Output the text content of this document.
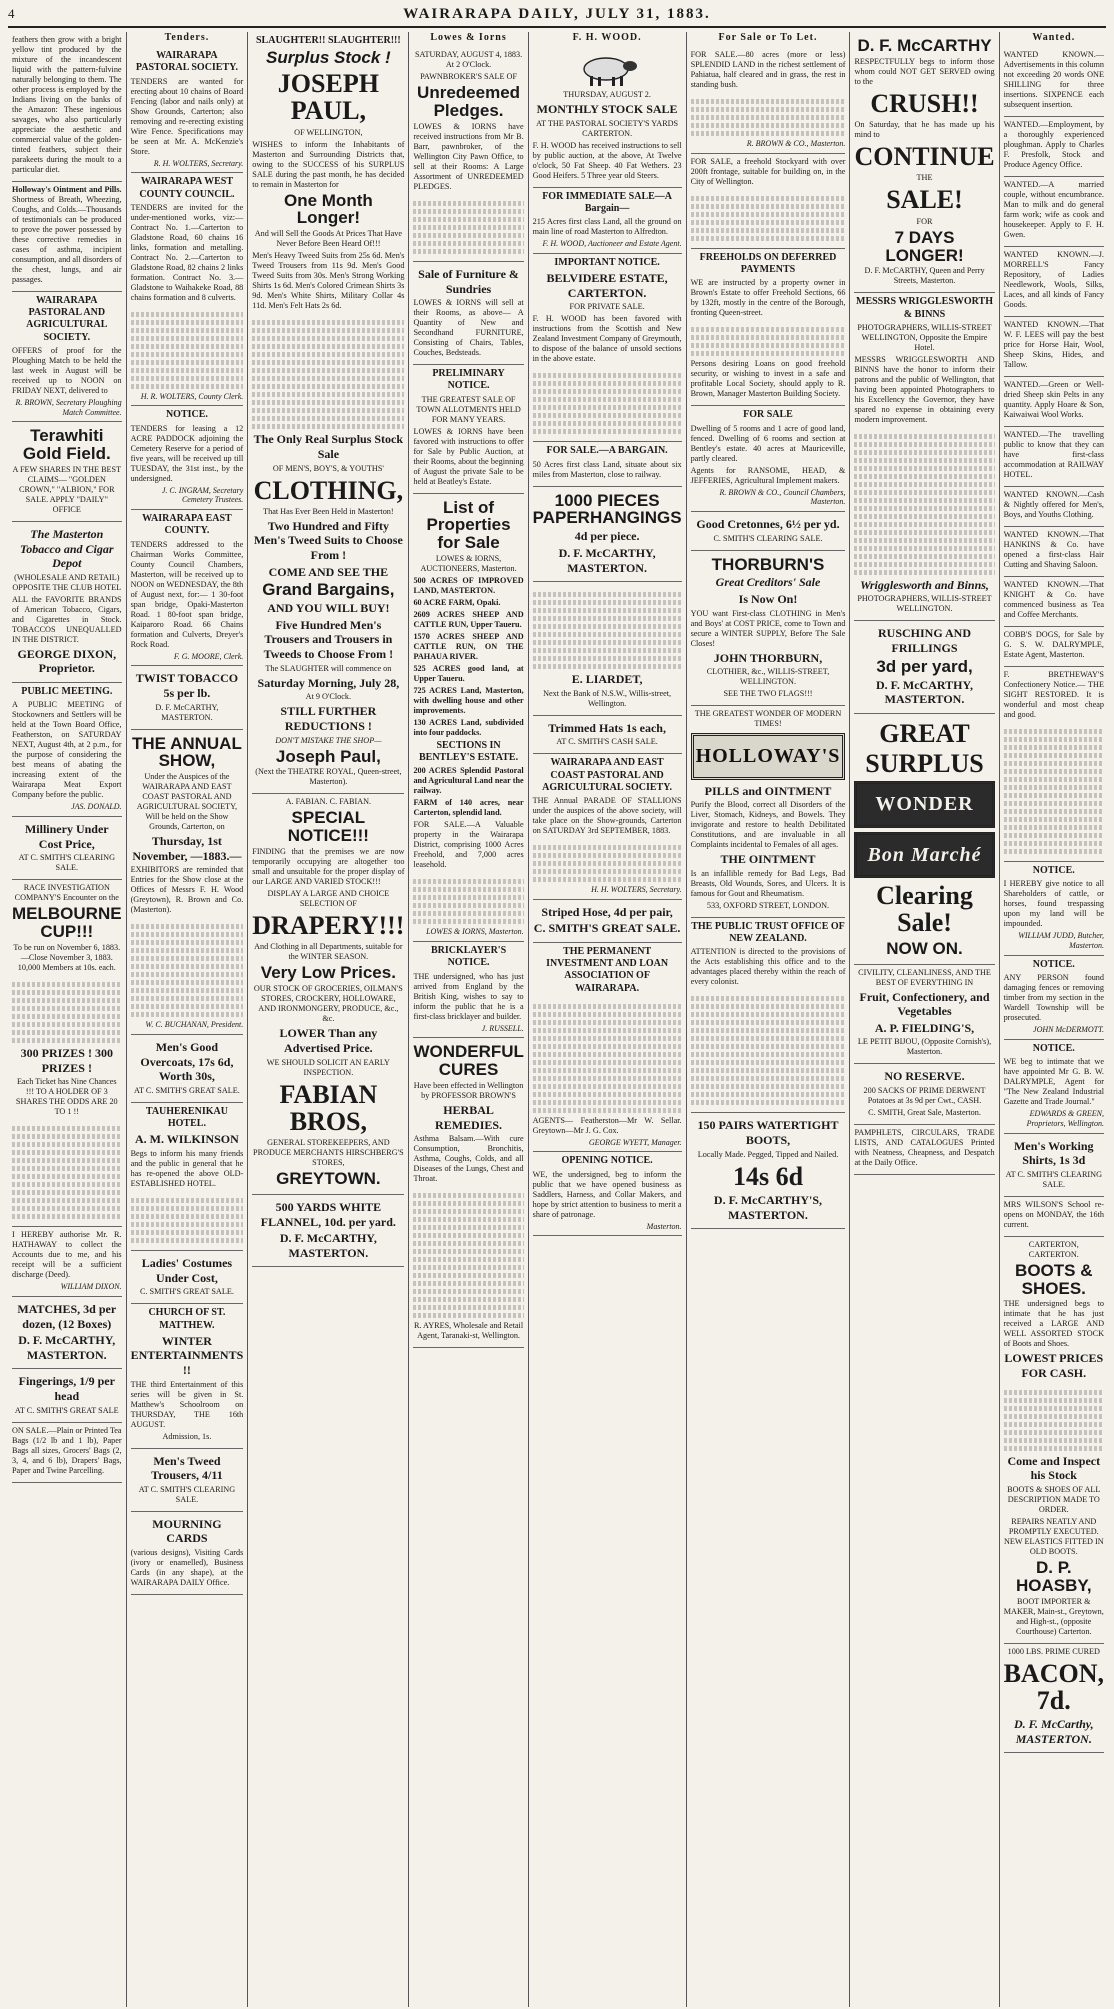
4	WAIRARAPA DAILY, JULY 31, 1883.

feathers then grow with a bright yellow tint produced by the mixture of the incandescent liquid with the pattern-fulvine naturally belonging to them. The other process is employed by the Indians living on the banks of the Amazon: These ingenious savages, who also particularly appreciate the aesthetic and commercial value of the golden-tinted feathers, subject their parakeets during the moult to a particular diet.

Holloway's Ointment and Pills. Shortness of Breath, Wheezing, Coughs, and Colds.—Thousands of testimonials can be produced to prove the power possessed by these corrective remedies in cases of asthma, incipient consumption, and all disorders of the chest, lungs, and air passages.

WAIRARAPA PASTORAL AND AGRICULTURAL SOCIETY.

OFFERS of proof for the Ploughing Match to be held the last week in August will be received up to NOON on FRIDAY NEXT, delivered to

R. BROWN, Secretary Ploughing Match Committee.
Terawhiti Gold Field.

A FEW SHARES IN THE BEST CLAIMS— "GOLDEN CROWN," "ALBION," FOR SALE. APPLY "DAILY" OFFICE

The Masterton Tobacco and Cigar Depot

(WHOLESALE AND RETAIL) OPPOSITE THE CLUB HOTEL

ALL the FAVORITE BRANDS of American Tobacco, Cigars, and Cigarettes in Stock. TOBACCOS UNEQUALLED IN THE DISTRICT.

GEORGE DIXON, Proprietor.
PUBLIC MEETING.

A PUBLIC MEETING of Stockowners and Settlers will be held at the Town Board Office, Featherston, on SATURDAY NEXT, August 4th, at 2 p.m., for the purpose of considering the best means of abating the increasing extent of the Wairarapa Meat Export Company before the public.

JAS. DONALD.
Millinery Under Cost Price,

AT C. SMITH'S CLEARING SALE.

RACE INVESTIGATION COMPANY'S Encounter on the

MELBOURNE CUP!!!

To be run on November 6, 1883.—Close November 3, 1883. 10,000 Members at 10s. each.

300 PRIZES ! 300 PRIZES !

Each Ticket has Nine Chances !!! TO A HOLDER OF 3 SHARES THE ODDS ARE 20 TO 1 !!

I HEREBY authorise Mr. R. HATHAWAY to collect the Accounts due to me, and his receipt will be a sufficient discharge (Deed).

WILLIAM DIXON.
MATCHES, 3d per dozen, (12 Boxes)
D. F. McCARTHY, MASTERTON.
Fingerings, 1/9 per head

AT C. SMITH'S GREAT SALE

ON SALE.—Plain or Printed Tea Bags (1/2 lb and 1 lb), Paper Bags all sizes, Grocers' Bags (2, 3, 4, and 6 lb), Drapers' Bags, Paper and Twine Parcelling.

Tenders.
WAIRARAPA PASTORAL SOCIETY.

TENDERS are wanted for erecting about 10 chains of Board Fencing (labor and nails only) at Show Grounds, Carterton; also removing and re-erecting existing Wire Fence. Specifications may be seen at Mr. A. McKenzie's Store.

R. H. WOLTERS, Secretary.
WAIRARAPA WEST COUNTY COUNCIL.

TENDERS are invited for the under-mentioned works, viz:— Contract No. 1.—Carterton to Gladstone Road, 60 chains 16 links, formation and metalling. Contract No. 2.—Carterton to Gladstone Road, 82 chains 2 links formation. Contract No. 3.—Gladstone to Waihakeke Road, 88 chains formation and 8 culverts.

H. R. WOLTERS, County Clerk.
NOTICE.

TENDERS for leasing a 12 ACRE PADDOCK adjoining the Cemetery Reserve for a period of five years, will be received up till TUESDAY, the 31st inst., by the undersigned.

J. C. INGRAM, Secretary Cemetery Trustees.
WAIRARAPA EAST COUNTY.

TENDERS addressed to the Chairman Works Committee, County Council Chambers, Masterton, will be received up to NOON on WEDNESDAY, the 8th of August next, for:— 1 30-foot span bridge, Opaki-Masterton Road. 1 80-foot span bridge, Kaiparoro Road. 66 Chains formation and Culverts, Dreyer's Rock Road.

F. G. MOORE, Clerk.
TWIST TOBACCO 5s per lb.

D. F. McCARTHY, MASTERTON.

THE ANNUAL SHOW,

Under the Auspices of the WAIRARAPA AND EAST COAST PASTORAL AND AGRICULTURAL SOCIETY, Will be held on the Show Grounds, Carterton, on

Thursday, 1st November, —1883.—

EXHIBITORS are reminded that Entries for the Show close at the Offices of Messrs F. H. Wood (Greytown), R. Brown and Co. (Masterton).

W. C. BUCHANAN, President.
Men's Good Overcoats, 17s 6d, Worth 30s,

AT C. SMITH'S GREAT SALE.

TAUHERENIKAU HOTEL.
A. M. WILKINSON

Begs to inform his many friends and the public in general that he has re-opened the above OLD-ESTABLISHED HOTEL.

Ladies' Costumes Under Cost,

C. SMITH'S GREAT SALE.

CHURCH OF ST. MATTHEW.
WINTER ENTERTAINMENTS !!

THE third Entertainment of this series will be given in St. Matthew's Schoolroom on THURSDAY, THE 16th AUGUST.

Admission, 1s.

Men's Tweed Trousers, 4/11

AT C. SMITH'S CLEARING SALE.

MOURNING CARDS

(various designs), Visiting Cards (ivory or enamelled), Business Cards (in any shape), at the WAIRARAPA DAILY Office.

SLAUGHTER!! SLAUGHTER!!!
Surplus Stock !
JOSEPH PAUL,

OF WELLINGTON,

WISHES to inform the Inhabitants of Masterton and Surrounding Districts that, owing to the SUCCESS of his SURPLUS SALE during the past month, he has decided to remain in Masterton for

One Month Longer!

And will Sell the Goods At Prices That Have Never Before Been Heard Of!!!

Men's Heavy Tweed Suits from 25s 6d. Men's Tweed Trousers from 11s 9d. Men's Good Tweed Suits from 30s. Men's Strong Working Shirts 1s 6d. Men's Colored Crimean Shirts 3s 9d. Men's White Shirts, Military Collar 4s 11d. Men's Felt Hats 2s 6d.

The Only Real Surplus Stock Sale

OF MEN'S, BOY'S, & YOUTHS'

CLOTHING,

That Has Ever Been Held in Masterton!

Two Hundred and Fifty Men's Tweed Suits to Choose From !
COME AND SEE THE
Grand Bargains,
AND YOU WILL BUY!
Five Hundred Men's Trousers and Trousers in Tweeds to Choose From !

The SLAUGHTER will commence on

Saturday Morning, July 28,

At 9 O'Clock.

STILL FURTHER REDUCTIONS !

DON'T MISTAKE THE SHOP—

Joseph Paul,

(Next the THEATRE ROYAL, Queen-street, Masterton).

A. FABIAN. C. FABIAN.

SPECIAL NOTICE!!!

FINDING that the premises we are now temporarily occupying are altogether too small and unsuitable for the proper display of our LARGE AND VARIED STOCK!!!

DISPLAY A LARGE AND CHOICE SELECTION OF

DRAPERY!!!

And Clothing in all Departments, suitable for the WINTER SEASON.

Very Low Prices.

OUR STOCK OF GROCERIES, OILMAN'S STORES, CROCKERY, HOLLOWARE, AND IRONMONGERY, PRODUCE, &c., &c.

LOWER Than any Advertised Price.

WE SHOULD SOLICIT AN EARLY INSPECTION.

FABIAN BROS,

GENERAL STOREKEEPERS, AND PRODUCE MERCHANTS HIRSCHBERG'S STORES,

GREYTOWN.
500 YARDS WHITE FLANNEL, 10d. per yard.
D. F. McCARTHY, MASTERTON.
Lowes & Iorns

SATURDAY, AUGUST 4, 1883. At 2 O'Clock.

PAWNBROKER'S SALE OF

Unredeemed Pledges.

LOWES & IORNS have received instructions from Mr B. Barr, pawnbroker, of the Wellington City Pawn Office, to sell at their Rooms: A Large Assortment of UNREDEEMED PLEDGES.

Sale of Furniture & Sundries

LOWES & IORNS will sell at their Rooms, as above— A Quantity of New and Secondhand FURNITURE, Consisting of Chairs, Tables, Couches, Bedsteads.

PRELIMINARY NOTICE.

THE GREATEST SALE OF TOWN ALLOTMENTS HELD FOR MANY YEARS.

LOWES & IORNS have been favored with instructions to offer for Sale by Public Auction, at their Rooms, about the beginning of August the private Sale to be held at Beatley's Estate.

List of Properties for Sale

LOWES & IORNS, AUCTIONEERS, Masterton.

500 ACRES OF IMPROVED LAND, MASTERTON.

60 ACRE FARM, Opaki.

2609 ACRES SHEEP AND CATTLE RUN, Upper Taueru.

1570 ACRES SHEEP AND CATTLE RUN, ON THE PAHAUA RIVER.

525 ACRES good land, at Upper Taueru.

725 ACRES Land, Masterton, with dwelling house and other improvements.

130 ACRES Land, subdivided into four paddocks.

SECTIONS IN BENTLEY'S ESTATE.

200 ACRES Splendid Pastoral and Agricultural Land near the railway.

FARM of 140 acres, near Carterton, splendid land.

FOR SALE.—A Valuable property in the Wairarapa District, comprising 1000 Acres Freehold, and 7,000 acres leasehold.

LOWES & IORNS, Masterton.
BRICKLAYER'S NOTICE.

THE undersigned, who has just arrived from England by the British King, wishes to say to inform the public that he is a first-class bricklayer and builder.

J. RUSSELL.
WONDERFUL CURES

Have been effected in Wellington by PROFESSOR BROWN'S

HERBAL REMEDIES.

Asthma Balsam.—With cure Consumption, Bronchitis, Asthma, Coughs, Colds, and all Diseases of the Lungs, Chest and Throat.

R. AYRES, Wholesale and Retail Agent, Taranaki-st, Wellington.

F. H. WOOD.

THURSDAY, AUGUST 2.

MONTHLY STOCK SALE

AT THE PASTORAL SOCIETY'S YARDS CARTERTON.

F. H. WOOD has received instructions to sell by public auction, at the above, At Twelve o'clock, 50 Fat Sheep. 40 Fat Wethers. 23 Good Heifers. 5 Three year old Steers.

FOR IMMEDIATE SALE—A Bargain—

215 Acres first class Land, all the ground on main line of road Masterton to Alfredton.

F. H. WOOD, Auctioneer and Estate Agent.
IMPORTANT NOTICE.
BELVIDERE ESTATE, CARTERTON.

FOR PRIVATE SALE.

F. H. WOOD has been favored with instructions from the Scottish and New Zealand Investment Company of Greymouth, to dispose of the balance of unsold sections in the above estate.

FOR SALE.—A BARGAIN.

50 Acres first class Land, situate about six miles from Masterton, close to railway.

1000 PIECES PAPERHANGINGS
4d per piece.
D. F. McCARTHY, MASTERTON.
E. LIARDET,

Next the Bank of N.S.W., Willis-street, Wellington.

Trimmed Hats 1s each,

AT C. SMITH'S CASH SALE.

WAIRARAPA AND EAST COAST PASTORAL AND AGRICULTURAL SOCIETY.

THE Annual PARADE OF STALLIONS under the auspices of the above society, will take place on the Show-grounds, Carterton on SATURDAY 3rd SEPTEMBER, 1883.

H. H. WOLTERS, Secretary.
Striped Hose, 4d per pair,
C. SMITH'S GREAT SALE.
THE PERMANENT INVESTMENT AND LOAN ASSOCIATION OF WAIRARAPA.

AGENTS— Featherston—Mr W. Sellar. Greytown—Mr J. G. Cox.

GEORGE WYETT, Manager.
OPENING NOTICE.

WE, the undersigned, beg to inform the public that we have opened business as Saddlers, Harness, and Collar Makers, and hope by strict attention to business to merit a share of patronage.

Masterton.
For Sale or To Let.

FOR SALE.—80 acres (more or less) SPLENDID LAND in the richest settlement of Pahiatua, half cleared and in grass, the rest in standing bush.

R. BROWN & CO., Masterton.

FOR SALE, a freehold Stockyard with over 200ft frontage, suitable for building on, in the City of Wellington.

FREEHOLDS ON DEFERRED PAYMENTS

WE are instructed by a property owner in Brown's Estate to offer Freehold Sections, 66 by 132ft, mostly in the centre of the Borough, fronting Queen-street.

Persons desiring Loans on good freehold security, or wishing to invest in a safe and profitable Local Society, should apply to R. Brown, Manager Masterton Building Society.

FOR SALE

Dwelling of 5 rooms and 1 acre of good land, fenced. Dwelling of 6 rooms and section at Bentley's estate. 40 acres at Mauriceville, partly cleared.

Agents for RANSOME, HEAD, & JEFFERIES, Agricultural Implement makers.

R. BROWN & CO., Council Chambers, Masterton.
Good Cretonnes, 6½ per yd.

C. SMITH'S CLEARING SALE.

THORBURN'S
Great Creditors' Sale
Is Now On!

YOU want First-class CLOTHING in Men's and Boys' at COST PRICE, come to Town and secure a WINTER SUPPLY, Before The Sale Closes!

JOHN THORBURN,

CLOTHIER, &c., WILLIS-STREET, WELLINGTON.

SEE THE TWO FLAGS!!!

THE GREATEST WONDER OF MODERN TIMES!

HOLLOWAY'S
PILLS and OINTMENT

Purify the Blood, correct all Disorders of the Liver, Stomach, Kidneys, and Bowels. They invigorate and restore to health Debilitated Constitutions, and are invaluable in all Complaints incidental to Females of all ages.

THE OINTMENT

Is an infallible remedy for Bad Legs, Bad Breasts, Old Wounds, Sores, and Ulcers. It is famous for Gout and Rheumatism.

533, OXFORD STREET, LONDON.

THE PUBLIC TRUST OFFICE OF NEW ZEALAND.

ATTENTION is directed to the provisions of the Acts establishing this office and to the advantages placed thereby within the reach of every colonist.

150 PAIRS WATERTIGHT BOOTS,

Locally Made. Pegged, Tipped and Nailed.

14s 6d
D. F. McCARTHY'S, MASTERTON.
D. F. McCARTHY

RESPECTFULLY begs to inform those whom could NOT GET SERVED owing to the

CRUSH!!

On Saturday, that he has made up his mind to

CONTINUE

THE

SALE!

FOR

7 DAYS LONGER!

D. F. McCARTHY, Queen and Perry Streets, Masterton.

MESSRS WRIGGLESWORTH & BINNS

PHOTOGRAPHERS, WILLIS-STREET WELLINGTON, Opposite the Empire Hotel.

MESSRS WRIGGLESWORTH AND BINNS have the honor to inform their patrons and the public of Wellington, that having been appointed Photographers to his Excellency the Governor, they have spared no expense in obtaining every modern improvement.

Wrigglesworth and Binns,

PHOTOGRAPHERS, WILLIS-STREET WELLINGTON.

RUSCHING AND FRILLINGS
3d per yard,
D. F. McCARTHY, MASTERTON.
GREAT
SURPLUS
WONDER
Bon Marché
Clearing Sale!
NOW ON.

CIVILITY, CLEANLINESS, AND THE BEST OF EVERYTHING IN

Fruit, Confectionery, and Vegetables
A. P. FIELDING'S,

LE PETIT BIJOU, (Opposite Cornish's), Masterton.

NO RESERVE.

200 SACKS OF PRIME DERWENT Potatoes at 3s 9d per Cwt., CASH.

C. SMITH, Great Sale, Masterton.

PAMPHLETS, CIRCULARS, TRADE LISTS, AND CATALOGUES Printed with Neatness, Cheapness, and Despatch at the Daily Office.

Wanted.

WANTED KNOWN.—Advertisements in this column not exceeding 20 words ONE SHILLING for three insertions. SIXPENCE each subsequent insertion.

WANTED.—Employment, by a thoroughly experienced ploughman. Apply to Charles F. Presfolk, Stock and Produce Agency Office.

WANTED.—A married couple, without encumbrance. Man to milk and do general farm work; wife as cook and housekeeper. Apply to F. H. Gwen.

WANTED KNOWN.—J. MORRELL'S Fancy Repository, of Ladies Needlework, Wools, Silks, Laces, and all kinds of Fancy Goods.

WANTED KNOWN.—That W. F. LEES will pay the best price for Horse Hair, Wool, Sheep Skins, Hides, and Tallow.

WANTED.—Green or Well-dried Sheep skin Pelts in any quantity. Apply Hoare & Son, Kaiwaiwai Wool Works.

WANTED.—The travelling public to know that they can have first-class accommodation at RAILWAY HOTEL.

WANTED KNOWN.—Cash & Nightly offered for Men's, Boys, and Youths Clothing.

WANTED KNOWN.—That HANKINS & Co. have opened a first-class Hair Cutting and Shaving Saloon.

WANTED KNOWN.—That KNIGHT & Co. have commenced business as Tea and Coffee Merchants.

COBB'S DOGS, for Sale by G. S. W. DALRYMPLE, Estate Agent, Masterton.

F. BRETHEWAY'S Confectionery Notice.— THE SIGHT RESTORED. It is wonderful and most cheap and good.

NOTICE.

I HEREBY give notice to all Shareholders of cattle, or horses, found trespassing upon my land will be impounded.

WILLIAM JUDD, Butcher, Masterton.
NOTICE.

ANY PERSON found damaging fences or removing timber from my section in the Wardell Township will be prosecuted.

JOHN McDERMOTT.
NOTICE.

WE beg to intimate that we have appointed Mr G. B. W. DALRYMPLE, Agent for "The New Zealand Industrial Gazette and Trade Journal."

EDWARDS & GREEN, Proprietors, Wellington.
Men's Working Shirts, 1s 3d

AT C. SMITH'S CLEARING SALE.

MRS WILSON'S School re-opens on MONDAY, the 16th current.

CARTERTON, CARTERTON.

BOOTS & SHOES.

THE undersigned begs to intimate that he has just received a LARGE AND WELL ASSORTED STOCK of Boots and Shoes.

LOWEST PRICES FOR CASH.
Come and Inspect his Stock

BOOTS & SHOES OF ALL DESCRIPTION MADE TO ORDER.

REPAIRS NEATLY AND PROMPTLY EXECUTED. NEW ELASTICS FITTED IN OLD BOOTS.

D. P. HOASBY,

BOOT IMPORTER & MAKER, Main-st., Greytown, and High-st., (opposite Courthouse) Carterton.

1000 LBS. PRIME CURED

BACON, 7d.
D. F. McCarthy, MASTERTON.
